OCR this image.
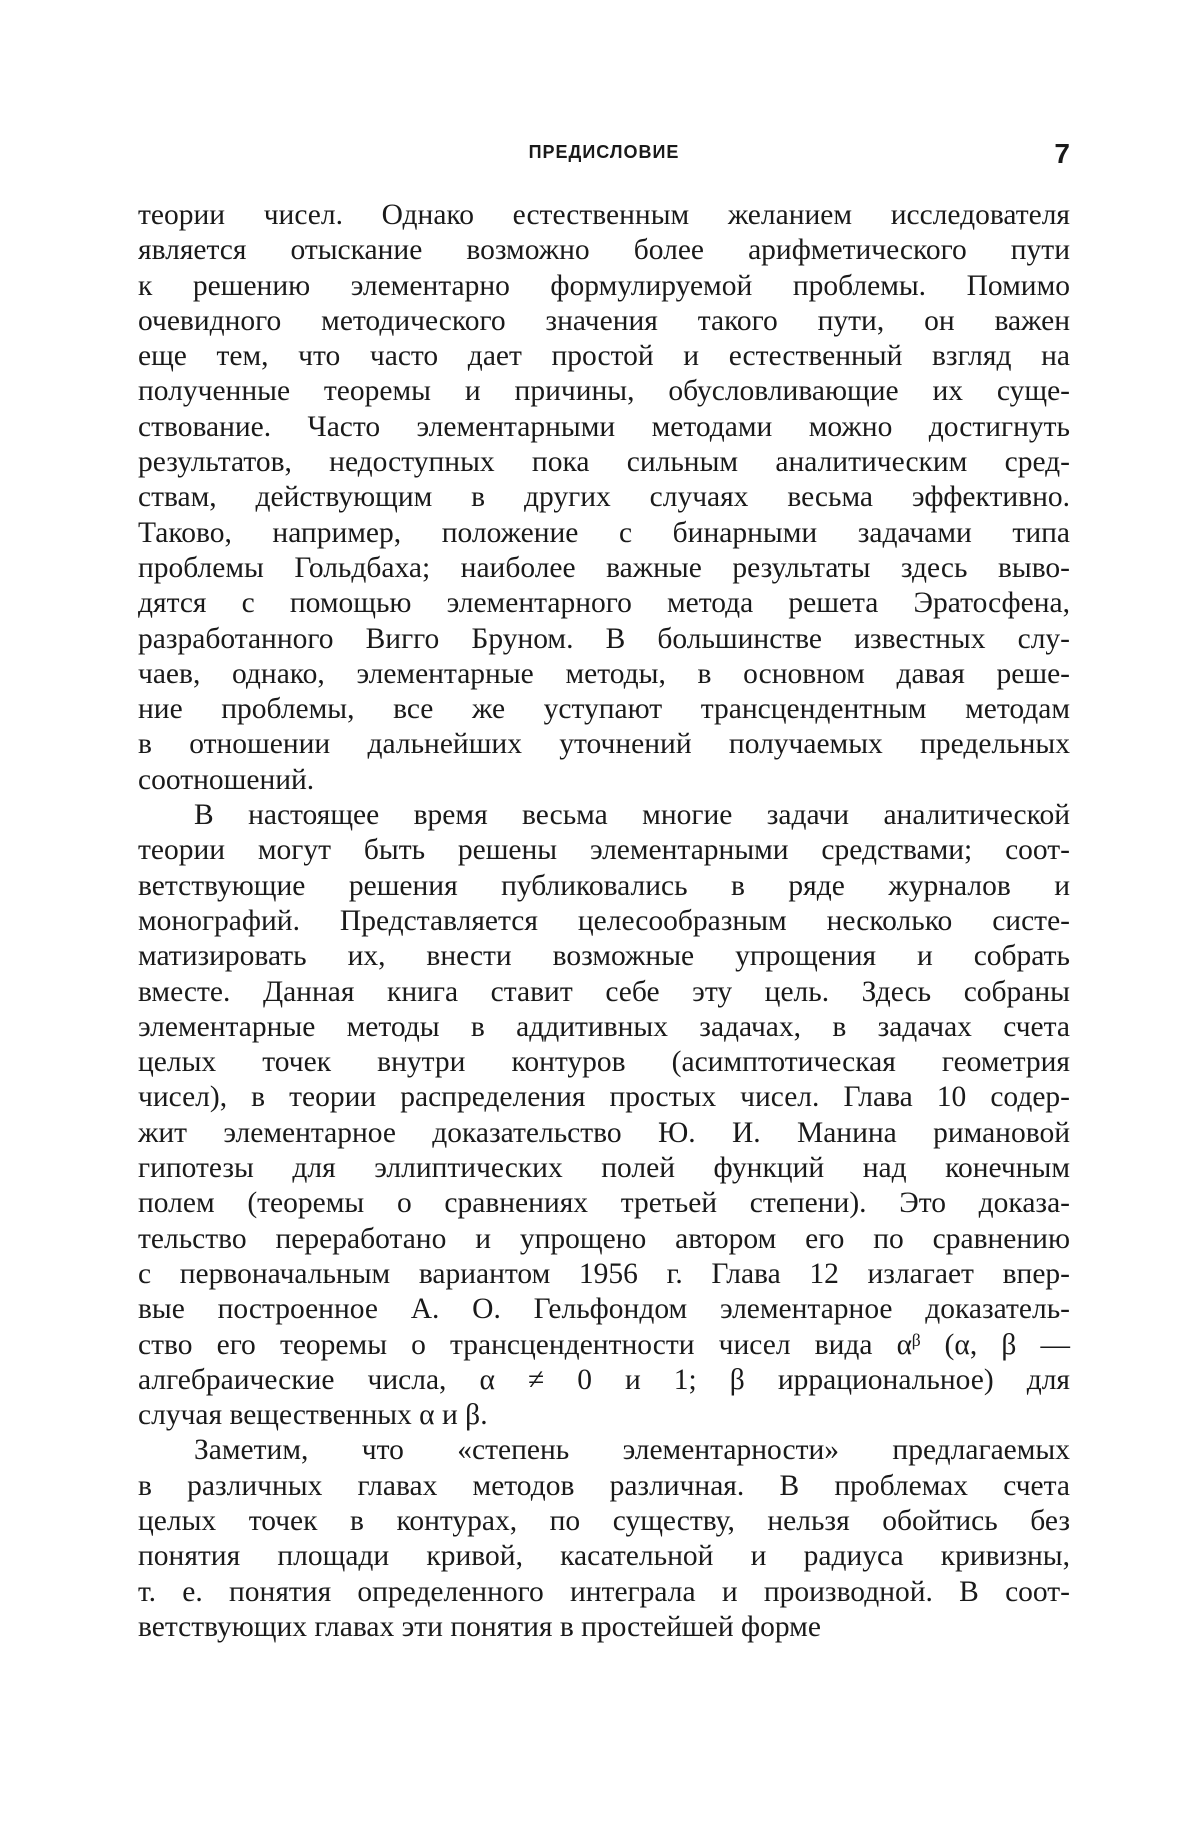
ПРЕДИСЛОВИЕ	7
теории чисел. Однако естественным желанием исследователя
является отыскание возможно более арифметического пути
к решению элементарно формулируемой проблемы. Помимо
очевидного методического значения такого пути, он важен
еще тем, что часто дает простой и естественный взгляд на
полученные теоремы и причины, обусловливающие их суще-
ствование. Часто элементарными методами можно достигнуть
результатов, недоступных пока сильным аналитическим сред-
ствам, действующим в других случаях весьма эффективно.
Таково, например, положение с бинарными задачами типа
проблемы Гольдбаха; наиболее важные результаты здесь выво-
дятся с помощью элементарного метода решета Эратосфена,
разработанного Вигго Бруном. В большинстве известных слу-
чаев, однако, элементарные методы, в основном давая реше-
ние проблемы, все же уступают трансцендентным методам
в отношении дальнейших уточнений получаемых предельных
соотношений.
В настоящее время весьма многие задачи аналитической
теории могут быть решены элементарными средствами; соот-
ветствующие решения публиковались в ряде журналов и
монографий. Представляется целесообразным несколько систе-
матизировать их, внести возможные упрощения и собрать
вместе. Данная книга ставит себе эту цель. Здесь собраны
элементарные методы в аддитивных задачах, в задачах счета
целых точек внутри контуров (асимптотическая геометрия
чисел), в теории распределения простых чисел. Глава 10 содер-
жит элементарное доказательство Ю. И. Манина римановой
гипотезы для эллиптических полей функций над конечным
полем (теоремы о сравнениях третьей степени). Это доказа-
тельство переработано и упрощено автором его по сравнению
с первоначальным вариантом 1956 г. Глава 12 излагает впер-
вые построенное А. О. Гельфондом элементарное доказатель-
ство его теоремы о трансцендентности чисел вида αᵝ (α, β —
алгебраические числа, α ≠ 0 и 1; β иррациональное) для
случая вещественных α и β.
Заметим, что «степень элементарности» предлагаемых
в различных главах методов различная. В проблемах счета
целых точек в контурах, по существу, нельзя обойтись без
понятия площади кривой, касательной и радиуса кривизны,
т. е. понятия определенного интеграла и производной. В соот-
ветствующих главах эти понятия в простейшей форме
